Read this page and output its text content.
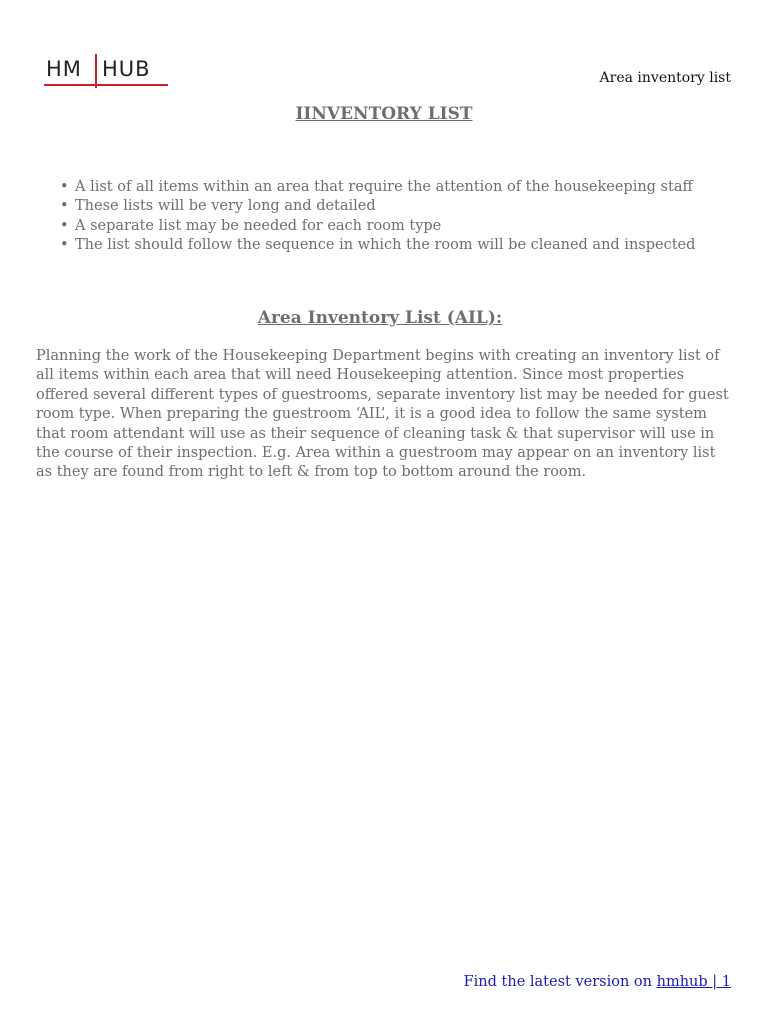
HM HUB	Area inventory list
IINVENTORY LIST
• A list of all items within an area that require the attention of the housekeeping staff
• These lists will be very long and detailed
• A separate list may be needed for each room type
• The list should follow the sequence in which the room will be cleaned and inspected
Area Inventory List (AIL):

Planning the work of the Housekeeping Department begins with creating an inventory list of all items within each area that will need Housekeeping attention. Since most properties offered several different types of guestrooms, separate inventory list may be needed for guest room type. When preparing the guestroom ‘AIL’, it is a good idea to follow the same system that room attendant will use as their sequence of cleaning task & that supervisor will use in the course of their inspection. E.g. Area within a guestroom may appear on an inventory list as they are found from right to left & from top to bottom around the room.

Find the latest version on hmhub | 1
